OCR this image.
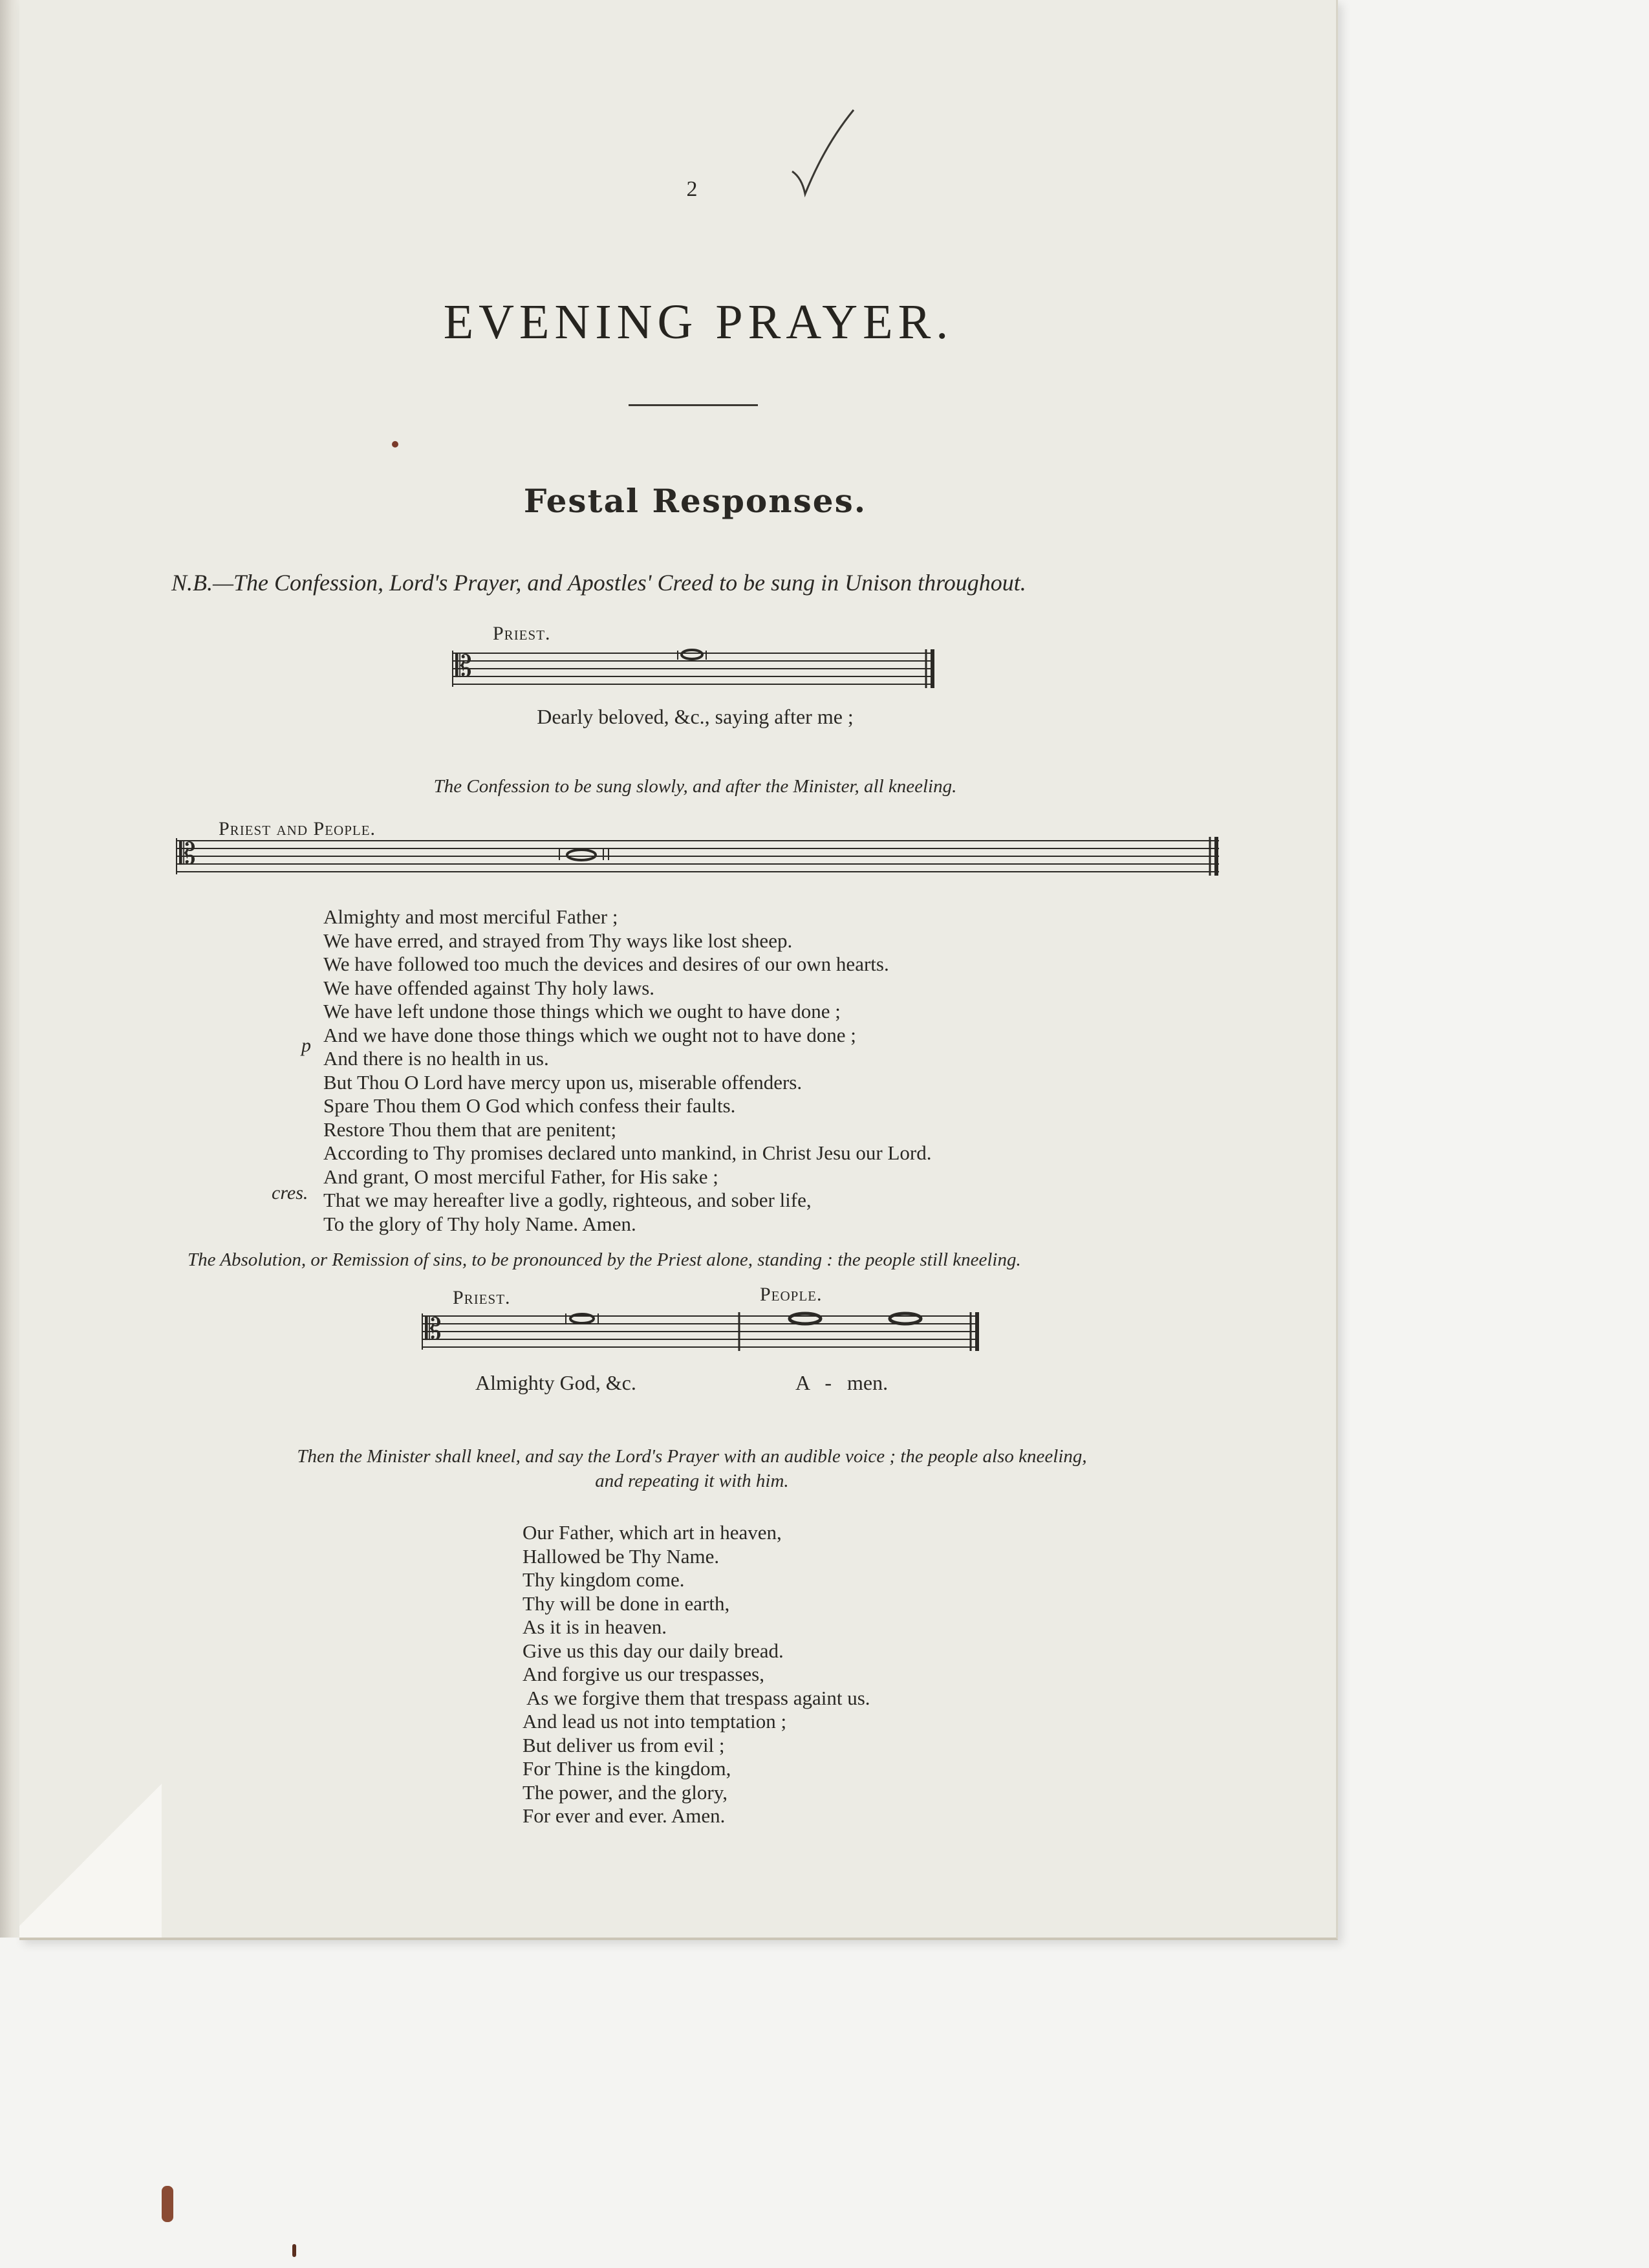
2
EVENING PRAYER.
Festal Responses.
N.B.—The Confession, Lord's Prayer, and Apostles' Creed to be sung in Unison throughout.
Priest.
𝄡
Dearly beloved, &c., saying after me ;
The Confession to be sung slowly, and after the Minister, all kneeling.
Priest and People.
𝄡
p
cres.
Almighty and most merciful Father ;
We have erred, and strayed from Thy ways like lost sheep.
We have followed too much the devices and desires of our own hearts.
We have offended against Thy holy laws.
We have left undone those things which we ought to have done ;
And we have done those things which we ought not to have done ;
And there is no health in us.
But Thou O Lord have mercy upon us, miserable offenders.
Spare Thou them O God which confess their faults.
Restore Thou them that are penitent;
According to Thy promises declared unto mankind, in Christ Jesu our Lord.
And grant, O most merciful Father, for His sake ;
That we may hereafter live a godly, righteous, and sober life,
To the glory of Thy holy Name. Amen.
The Absolution, or Remission of sins, to be pronounced by the Priest alone, standing : the people still kneeling.
Priest.	People.
𝄡
Almighty God, &c.	A   -   men.
Then the Minister shall kneel, and say the Lord's Prayer with an audible voice ; the people also kneeling,
and repeating it with him.
Our Father, which art in heaven,
Hallowed be Thy Name.
Thy kingdom come.
Thy will be done in earth,
As it is in heaven.
Give us this day our daily bread.
And forgive us our trespasses,
As we forgive them that trespass againt us.
And lead us not into temptation ;
But deliver us from evil ;
For Thine is the kingdom,
The power, and the glory,
For ever and ever. Amen.
